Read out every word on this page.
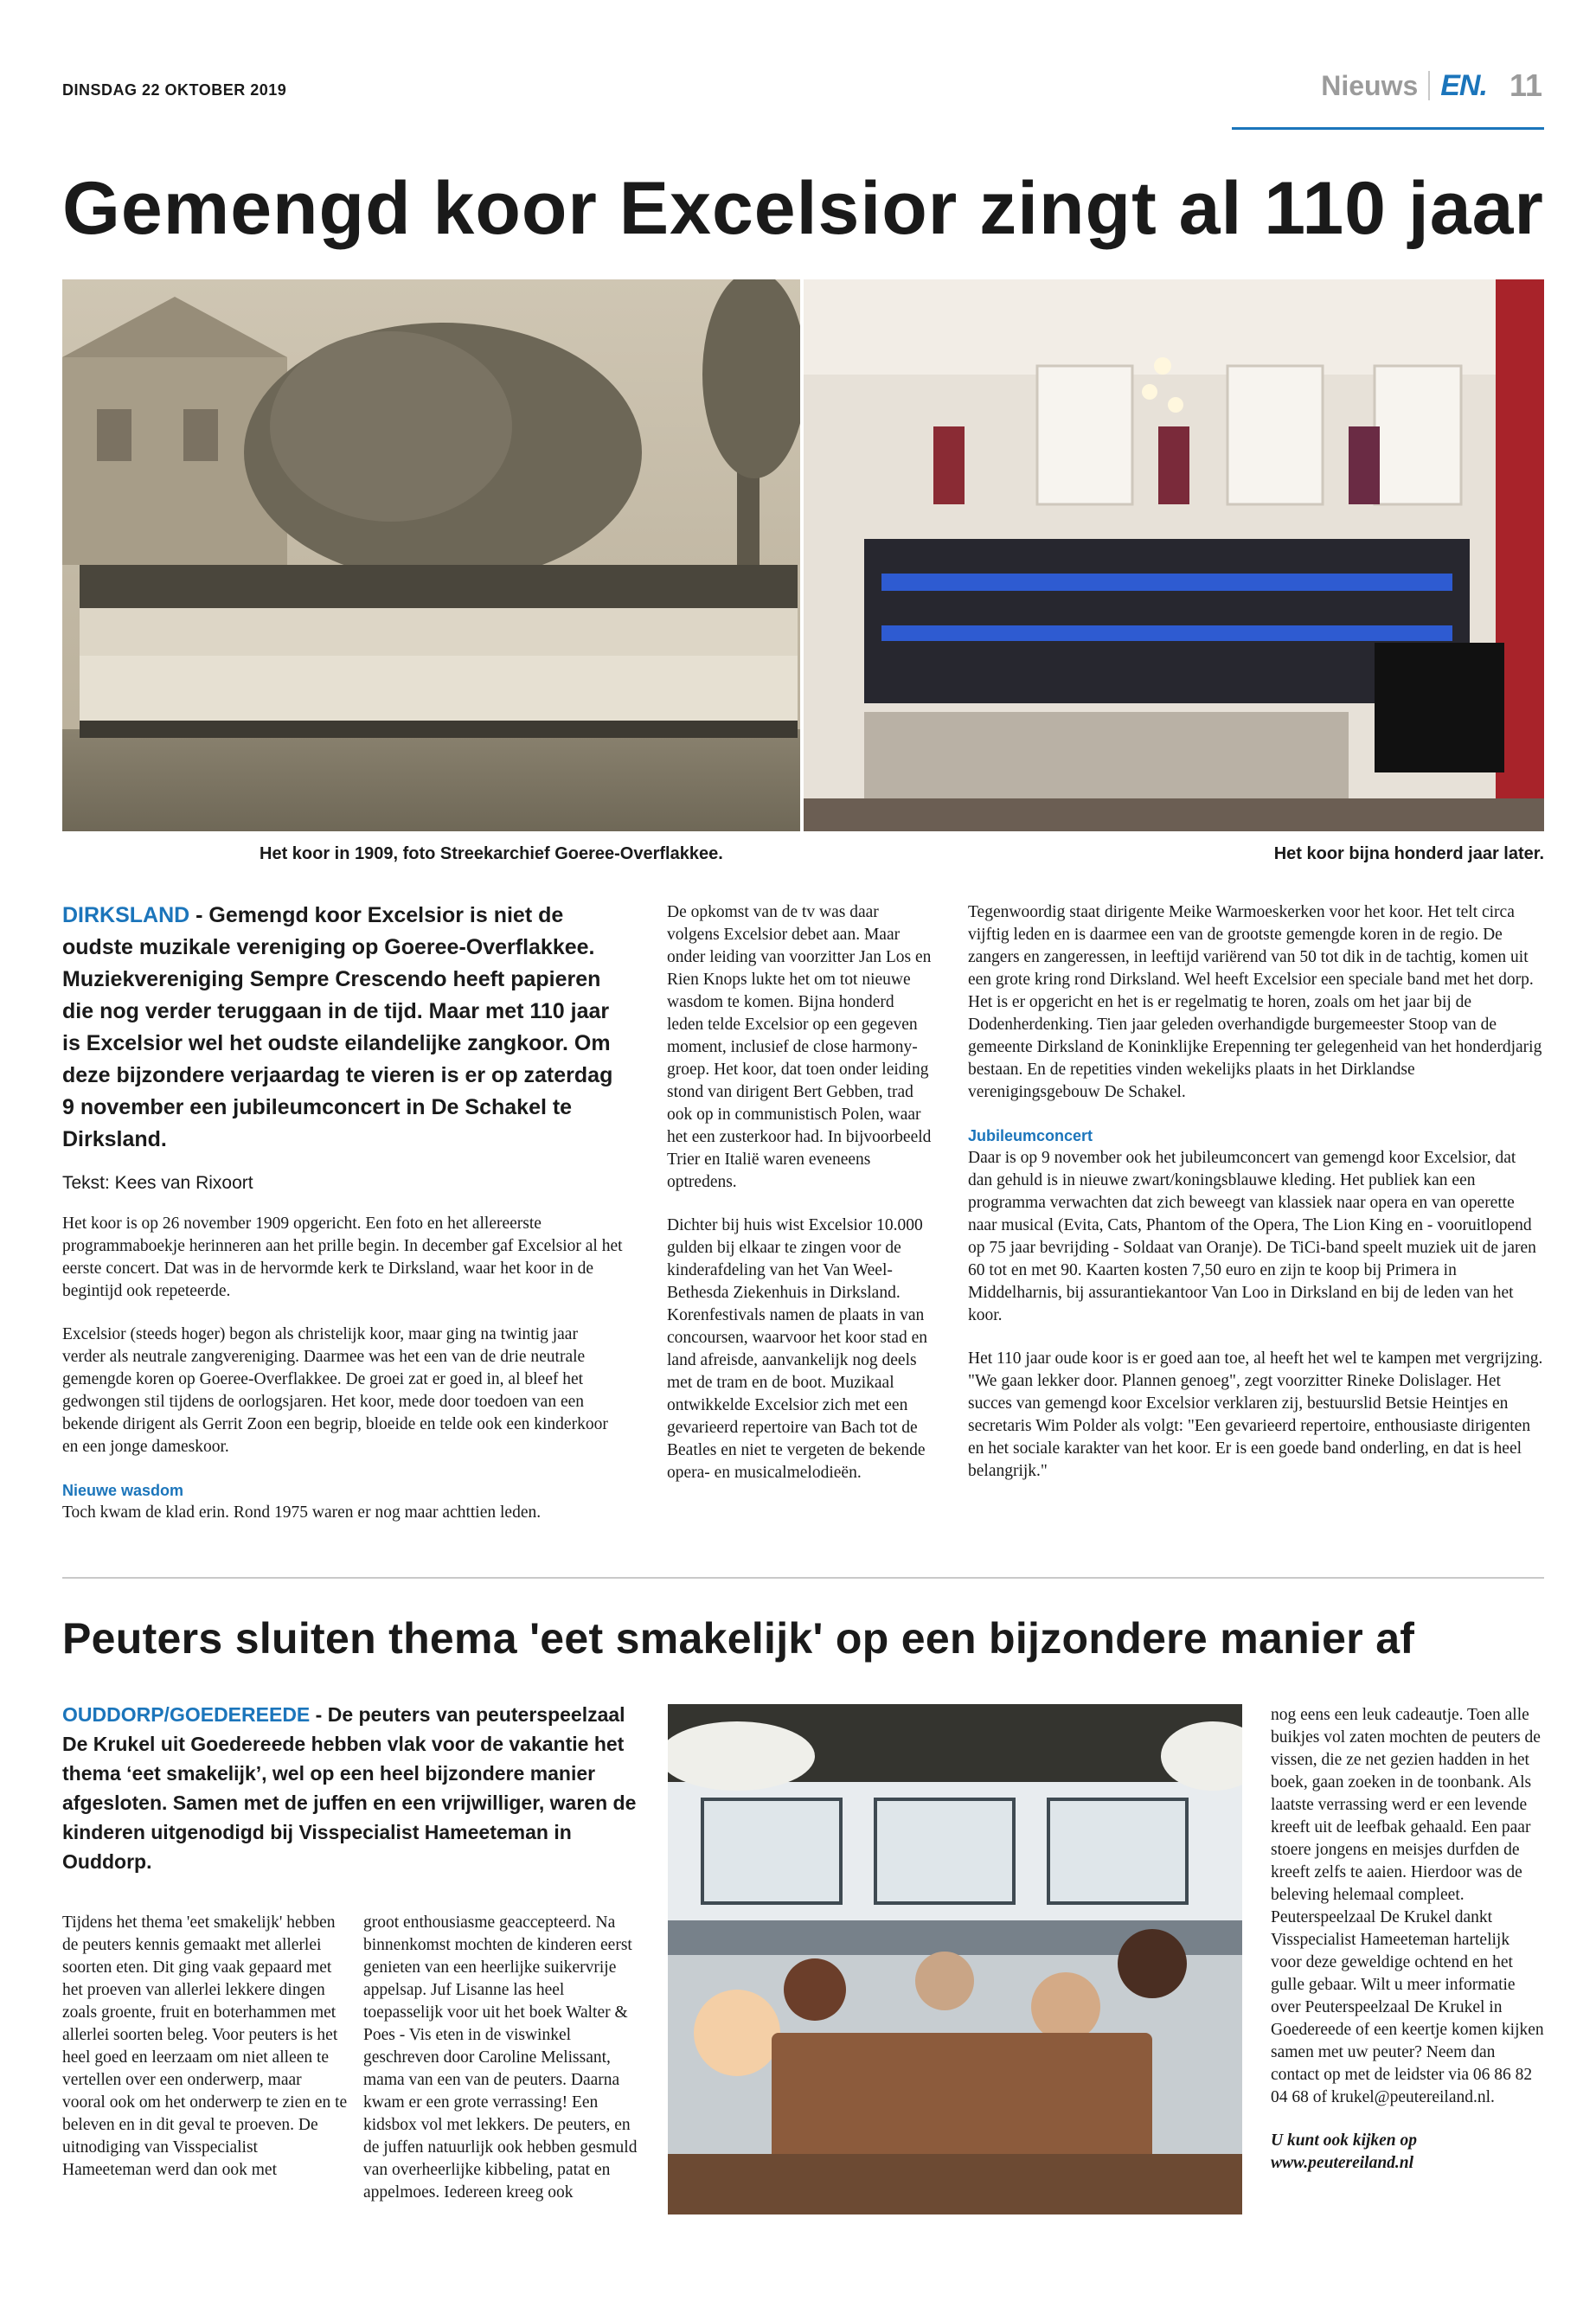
DINSDAG 22 OKTOBER 2019	Nieuws EN. 11
Gemengd koor Excelsior zingt al 110 jaar
Het koor in 1909, foto Streekarchief Goeree-Overflakkee.	Het koor bijna honderd jaar later.
DIRKSLAND - Gemengd koor Excelsior is niet de oudste muzikale vereniging op Goeree-Overflakkee. Muziekvereniging Sempre Crescendo heeft papieren die nog verder teruggaan in de tijd. Maar met 110 jaar is Excelsior wel het oudste eilandelijke zangkoor. Om deze bijzondere verjaardag te vieren is er op zaterdag 9 november een jubileumconcert in De Schakel te Dirksland.
Tekst: Kees van Rixoort

Het koor is op 26 november 1909 opgericht. Een foto en het allereerste programmaboekje herinneren aan het prille begin. In december gaf Excelsior al het eerste concert. Dat was in de hervormde kerk te Dirksland, waar het koor in de begintijd ook repeteerde.

Excelsior (steeds hoger) begon als christelijk koor, maar ging na twintig jaar verder als neutrale zangvereniging. Daarmee was het een van de drie neutrale gemengde koren op Goeree-Overflakkee. De groei zat er goed in, al bleef het gedwongen stil tijdens de oorlogsjaren. Het koor, mede door toedoen van een bekende dirigent als Gerrit Zoon een begrip, bloeide en telde ook een kinderkoor en een jonge dameskoor.

Nieuwe wasdom

Toch kwam de klad erin. Rond 1975 waren er nog maar achttien leden.

De opkomst van de tv was daar volgens Excelsior debet aan. Maar onder leiding van voorzitter Jan Los en Rien Knops lukte het om tot nieuwe wasdom te komen. Bijna honderd leden telde Excelsior op een gegeven moment, inclusief de close harmony-groep. Het koor, dat toen onder leiding stond van dirigent Bert Gebben, trad ook op in communistisch Polen, waar het een zusterkoor had. In bijvoorbeeld Trier en Italië waren eveneens optredens.

Dichter bij huis wist Excelsior 10.000 gulden bij elkaar te zingen voor de kinderafdeling van het Van Weel-Bethesda Ziekenhuis in Dirksland. Korenfestivals namen de plaats in van concoursen, waarvoor het koor stad en land afreisde, aanvankelijk nog deels met de tram en de boot. Muzikaal ontwikkelde Excelsior zich met een gevarieerd repertoire van Bach tot de Beatles en niet te vergeten de bekende opera- en musicalmelodieën.

Tegenwoordig staat dirigente Meike Warmoeskerken voor het koor. Het telt circa vijftig leden en is daarmee een van de grootste gemengde koren in de regio. De zangers en zangeressen, in leeftijd variërend van 50 tot dik in de tachtig, komen uit een grote kring rond Dirksland. Wel heeft Excelsior een speciale band met het dorp. Het is er opgericht en het is er regelmatig te horen, zoals om het jaar bij de Dodenherdenking. Tien jaar geleden overhandigde burgemeester Stoop van de gemeente Dirksland de Koninklijke Erepenning ter gelegenheid van het honderdjarig bestaan. En de repetities vinden wekelijks plaats in het Dirklandse verenigingsgebouw De Schakel.

Jubileumconcert

Daar is op 9 november ook het jubileumconcert van gemengd koor Excelsior, dat dan gehuld is in nieuwe zwart/koningsblauwe kleding. Het publiek kan een programma verwachten dat zich beweegt van klassiek naar opera en van operette naar musical (Evita, Cats, Phantom of the Opera, The Lion King en - vooruitlopend op 75 jaar bevrijding - Soldaat van Oranje). De TiCi-band speelt muziek uit de jaren 60 tot en met 90. Kaarten kosten 7,50 euro en zijn te koop bij Primera in Middelharnis, bij assurantiekantoor Van Loo in Dirksland en bij de leden van het koor.

Het 110 jaar oude koor is er goed aan toe, al heeft het wel te kampen met vergrijzing. "We gaan lekker door. Plannen genoeg", zegt voorzitter Rineke Dolislager. Het succes van gemengd koor Excelsior verklaren zij, bestuurslid Betsie Heintjes en secretaris Wim Polder als volgt: "Een gevarieerd repertoire, enthousiaste dirigenten en het sociale karakter van het koor. Er is een goede band onderling, en dat is heel belangrijk."

Peuters sluiten thema 'eet smakelijk' op een bijzondere manier af
OUDDORP/GOEDEREEDE - De peuters van peuterspeelzaal De Krukel uit Goedereede hebben vlak voor de vakantie het thema ‘eet smakelijk’, wel op een heel bijzondere manier afgesloten. Samen met de juffen en een vrijwilliger, waren de kinderen uitgenodigd bij Visspecialist Hameeteman in Ouddorp.

Tijdens het thema 'eet smakelijk' hebben de peuters kennis gemaakt met allerlei soorten eten. Dit ging vaak gepaard met het proeven van allerlei lekkere dingen zoals groente, fruit en boterhammen met allerlei soorten beleg. Voor peuters is het heel goed en leerzaam om niet alleen te vertellen over een onderwerp, maar vooral ook om het onderwerp te zien en te beleven en in dit geval te proeven. De uitnodiging van Visspecialist Hameeteman werd dan ook met

groot enthousiasme geaccepteerd. Na binnenkomst mochten de kinderen eerst genieten van een heerlijke suikervrije appelsap. Juf Lisanne las heel toepasselijk voor uit het boek Walter & Poes - Vis eten in de viswinkel geschreven door Caroline Melissant, mama van een van de peuters. Daarna kwam er een grote verrassing! Een kidsbox vol met lekkers. De peuters, en de juffen natuurlijk ook hebben gesmuld van overheerlijke kibbeling, patat en appelmoes. Iedereen kreeg ook

nog eens een leuk cadeautje. Toen alle buikjes vol zaten mochten de peuters de vissen, die ze net gezien hadden in het boek, gaan zoeken in de toonbank. Als laatste verrassing werd er een levende kreeft uit de leefbak gehaald. Een paar stoere jongens en meisjes durfden de kreeft zelfs te aaien. Hierdoor was de beleving helemaal compleet. Peuterspeelzaal De Krukel dankt Visspecialist Hameeteman hartelijk voor deze geweldige ochtend en het gulle gebaar. Wilt u meer informatie over Peuterspeelzaal De Krukel in Goedereede of een keertje komen kijken samen met uw peuter? Neem dan contact op met de leidster via 06 86 82 04 68 of krukel@peutereiland.nl.

U kunt ook kijken op
www.peutereiland.nl
